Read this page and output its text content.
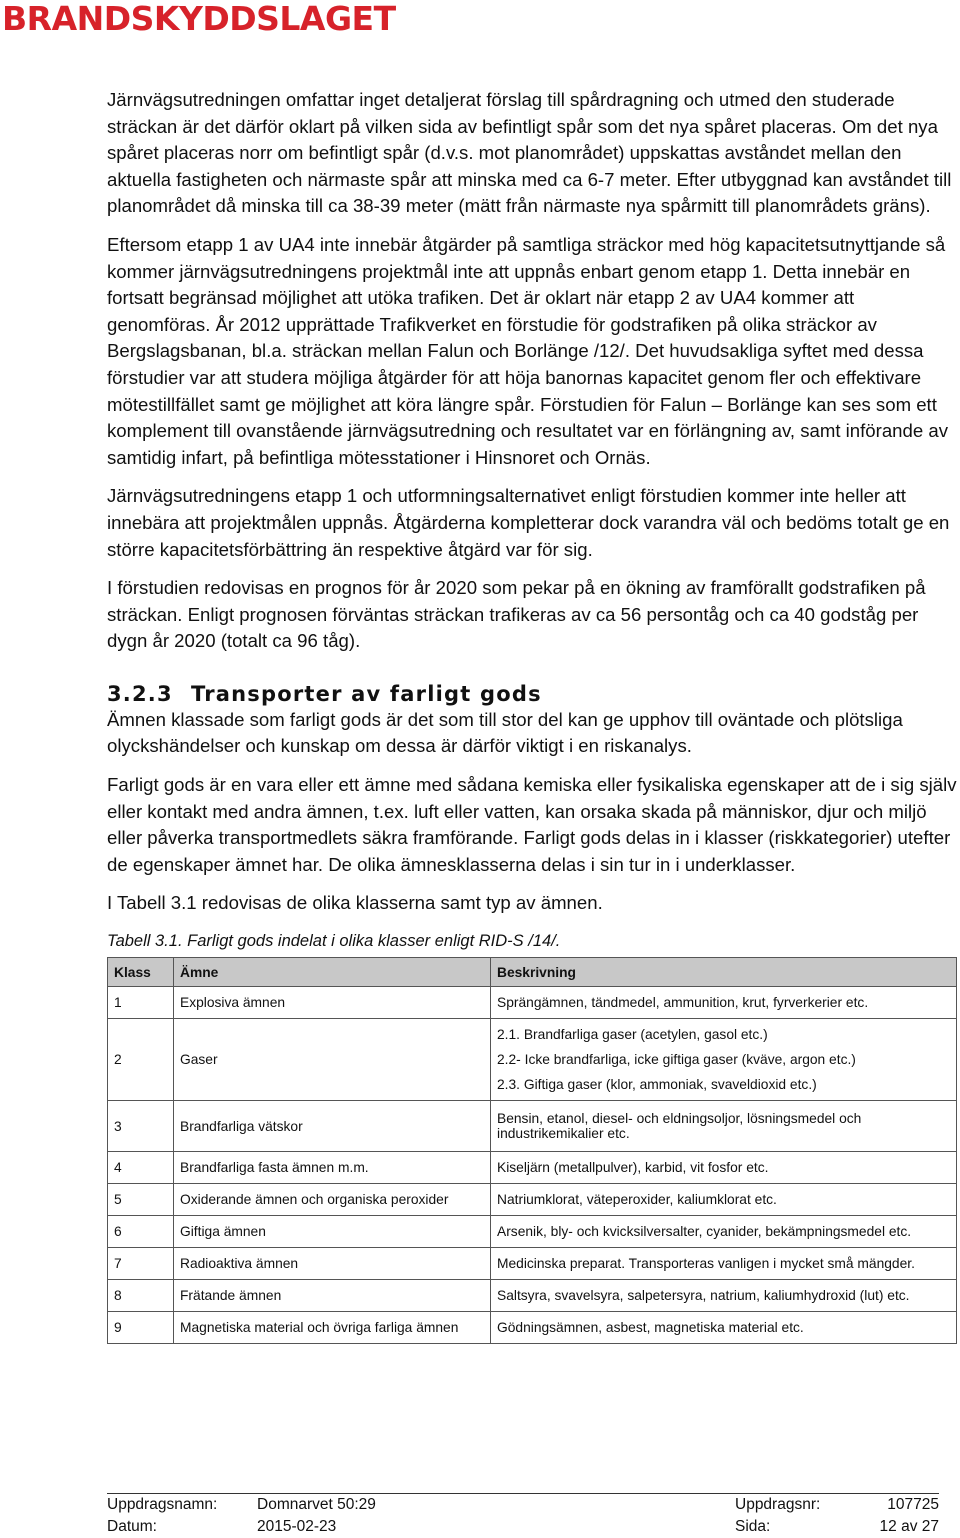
BRANDSKYDDSLAGET

Järnvägsutredningen omfattar inget detaljerat förslag till spårdragning och utmed den studerade sträckan är det därför oklart på vilken sida av befintligt spår som det nya spåret placeras. Om det nya spåret placeras norr om befintligt spår (d.v.s. mot planområdet) uppskattas avståndet mellan den aktuella fastigheten och närmaste spår att minska med ca 6-7 meter. Efter utbyggnad kan avståndet till planområdet då minska till ca 38-39 meter (mätt från närmaste nya spårmitt till planområdets gräns).

Eftersom etapp 1 av UA4 inte innebär åtgärder på samtliga sträckor med hög kapacitetsutnyttjande så kommer järnvägsutredningens projektmål inte att uppnås enbart genom etapp 1. Detta innebär en fortsatt begränsad möjlighet att utöka trafiken. Det är oklart när etapp 2 av UA4 kommer att genomföras. År 2012 upprättade Trafikverket en förstudie för godstrafiken på olika sträckor av Bergslagsbanan, bl.a. sträckan mellan Falun och Borlänge /12/. Det huvudsakliga syftet med dessa förstudier var att studera möjliga åtgärder för att höja banornas kapacitet genom fler och effektivare mötestillfället samt ge möjlighet att köra längre spår. Förstudien för Falun – Borlänge kan ses som ett komplement till ovanstående järnvägsutredning och resultatet var en förlängning av, samt införande av samtidig infart, på befintliga mötesstationer i Hinsnoret och Ornäs.

Järnvägsutredningens etapp 1 och utformningsalternativet enligt förstudien kommer inte heller att innebära att projektmålen uppnås. Åtgärderna kompletterar dock varandra väl och bedöms totalt ge en större kapacitetsförbättring än respektive åtgärd var för sig.

I förstudien redovisas en prognos för år 2020 som pekar på en ökning av framförallt godstrafiken på sträckan. Enligt prognosen förväntas sträckan trafikeras av ca 56 persontåg och ca 40 godståg per dygn år 2020 (totalt ca 96 tåg).

3.2.3 Transporter av farligt gods

Ämnen klassade som farligt gods är det som till stor del kan ge upphov till oväntade och plötsliga olyckshändelser och kunskap om dessa är därför viktigt i en riskanalys.

Farligt gods är en vara eller ett ämne med sådana kemiska eller fysikaliska egenskaper att de i sig själv eller kontakt med andra ämnen, t.ex. luft eller vatten, kan orsaka skada på människor, djur och miljö eller påverka transportmedlets säkra framförande. Farligt gods delas in i klasser (riskkategorier) utefter de egenskaper ämnet har. De olika ämnesklasserna delas i sin tur in i underklasser.

I Tabell 3.1 redovisas de olika klasserna samt typ av ämnen.

Tabell 3.1. Farligt gods indelat i olika klasser enligt RID-S /14/.
Klass	Ämne	Beskrivning
1	Explosiva ämnen	Sprängämnen, tändmedel, ammunition, krut, fyrverkerier etc.

2	Gaser	2.1. Brandfarliga gaser (acetylen, gasol etc.)
2.2- Icke brandfarliga, icke giftiga gaser (kväve, argon etc.)
2.3. Giftiga gaser (klor, ammoniak, svaveldioxid etc.)

3	Brandfarliga vätskor	Bensin, etanol, diesel- och eldningsoljor, lösningsmedel och industrikemikalier etc.

4	Brandfarliga fasta ämnen m.m.	Kiseljärn (metallpulver), karbid, vit fosfor etc.

5	Oxiderande ämnen och organiska peroxider	Natriumklorat, väteperoxider, kaliumklorat etc.

6	Giftiga ämnen	Arsenik, bly- och kvicksilversalter, cyanider, bekämpningsmedel etc.

7	Radioaktiva ämnen	Medicinska preparat. Transporteras vanligen i mycket små mängder.

8	Frätande ämnen	Saltsyra, svavelsyra, salpetersyra, natrium, kaliumhydroxid (lut) etc.

9	Magnetiska material och övriga farliga ämnen	Gödningsämnen, asbest, magnetiska material etc.
Uppdragsnamn:	Domnarvet 50:29	Uppdragsnr:	107725
Datum:	2015-02-23	Sida:	12 av 27
